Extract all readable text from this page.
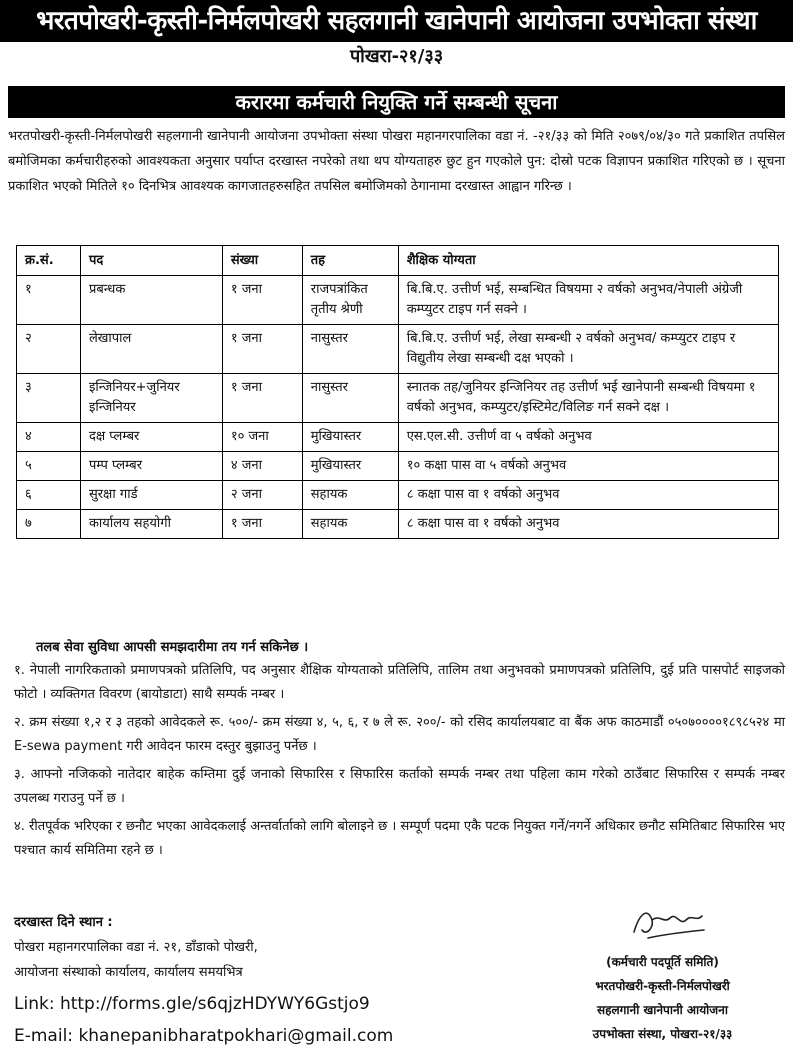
भरतपोखरी-कृस्ती-निर्मलपोखरी सहलगानी खानेपानी आयोजना उपभोक्ता संस्था
पोखरा-२१/३३
करारमा कर्मचारी नियुक्ति गर्ने सम्बन्धी सूचना
भरतपोखरी-कृस्ती-निर्मलपोखरी सहलगानी खानेपानी आयोजना उपभोक्ता संस्था पोखरा महानगरपालिका वडा नं. -२१/३३ को मिति २०७९/०४/३० गते प्रकाशित तपसिल बमोजिमका कर्मचारीहरुको आवश्यकता अनुसार पर्याप्त दरखास्त नपरेको तथा थप योग्यताहरु छुट हुन गएकोले पुन: दोस्रो पटक विज्ञापन प्रकाशित गरिएको छ । सूचना प्रकाशित भएको मितिले १० दिनभित्र आवश्यक कागजातहरुसहित तपसिल बमोजिमको ठेगानामा दरखास्त आह्वान गरिन्छ ।
क्र.सं.	पद	संख्या	तह	शैक्षिक योग्यता
१	प्रबन्धक	१ जना	राजपत्रांकित तृतीय श्रेणी	बि.बि.ए. उत्तीर्ण भई, सम्बन्धित विषयमा २ वर्षको अनुभव/नेपाली अंग्रेजी कम्प्युटर टाइप गर्न सक्ने ।
२	लेखापाल	१ जना	नासुस्तर	बि.बि.ए. उत्तीर्ण भई, लेखा सम्बन्धी २ वर्षको अनुभव/ कम्प्युटर टाइप र विद्युतीय लेखा सम्बन्धी दक्ष भएको ।
३	इन्जिनियर+जुनियर इन्जिनियर	१ जना	नासुस्तर	स्नातक तह/जुनियर इन्जिनियर तह उत्तीर्ण भई खानेपानी सम्बन्धी विषयमा १ वर्षको अनुभव, कम्प्युटर/इस्टिमेट/विलिङ गर्न सक्ने दक्ष ।
४	दक्ष प्लम्बर	१० जना	मुखियास्तर	एस.एल.सी. उत्तीर्ण वा ५ वर्षको अनुभव
५	पम्प प्लम्बर	४ जना	मुखियास्तर	१० कक्षा पास वा ५ वर्षको अनुभव
६	सुरक्षा गार्ड	२ जना	सहायक	८ कक्षा पास वा १ वर्षको अनुभव
७	कार्यालय सहयोगी	१ जना	सहायक	८ कक्षा पास वा १ वर्षको अनुभव
तलब सेवा सुविधा आपसी समझदारीमा तय गर्न सकिनेछ ।
१. नेपाली नागरिकताको प्रमाणपत्रको प्रतिलिपि, पद अनुसार शैक्षिक योग्यताको प्रतिलिपि, तालिम तथा अनुभवको प्रमाणपत्रको प्रतिलिपि, दुई प्रति पासपोर्ट साइजको फोटो । व्यक्तिगत विवरण (बायोडाटा) साथै सम्पर्क नम्बर ।
२. क्रम संख्या १,२ र ३ तहको आवेदकले रू. ५००/- क्रम संख्या ४, ५, ६, र ७ ले रू. २००/- को रसिद कार्यालयबाट वा बैंक अफ काठमाडौं ०५०७००००१८९८५२४ मा E-sewa payment गरी आवेदन फारम दस्तुर बुझाउनु पर्नेछ ।
३. आफ्नो नजिकको नातेदार बाहेक कम्तिमा दुई जनाको सिफारिस र सिफारिस कर्ताको सम्पर्क नम्बर तथा पहिला काम गरेको ठाउँबाट सिफारिस र सम्पर्क नम्बर उपलब्ध गराउनु पर्ने छ ।
४. रीतपूर्वक भरिएका र छनौट भएका आवेदकलाई अन्तर्वार्ताको लागि बोलाइने छ । सम्पूर्ण पदमा एकै पटक नियुक्त गर्ने/नगर्ने अधिकार छनौट समितिबाट सिफारिस भए पश्चात कार्य समितिमा रहने छ ।
दरखास्त दिने स्थान :
पोखरा महानगरपालिका वडा नं. २१, डाँडाको पोखरी,
आयोजना संस्थाको कार्यालय, कार्यालय समयभित्र
Link: http://forms.gle/s6qjzHDYWY6Gstjo9
E-mail: khanepanibharatpokhari@gmail.com
(कर्मचारी पदपूर्ति समिति)
भरतपोखरी-कृस्ती-निर्मलपोखरी
सहलगानी खानेपानी आयोजना
उपभोक्ता संस्था, पोखरा-२१/३३
